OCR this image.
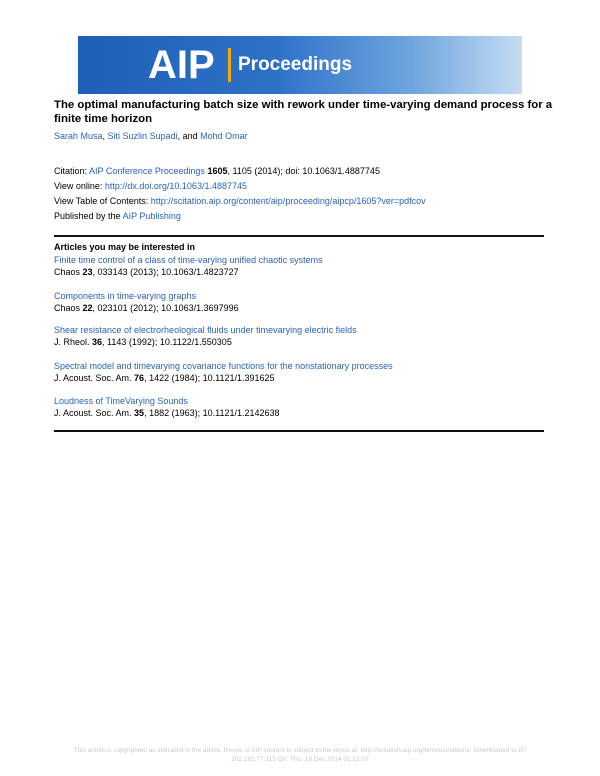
AIP Proceedings
The optimal manufacturing batch size with rework under time-varying demand process for a finite time horizon
Sarah Musa, Siti Suzlin Supadi, and Mohd Omar
Citation: AIP Conference Proceedings 1605, 1105 (2014); doi: 10.1063/1.4887745
View online: http://dx.doi.org/10.1063/1.4887745
View Table of Contents: http://scitation.aip.org/content/aip/proceeding/aipcp/1605?ver=pdfcov
Published by the AIP Publishing
Articles you may be interested in
Finite time control of a class of time-varying unified chaotic systems
Chaos 23, 033143 (2013); 10.1063/1.4823727
Components in time-varying graphs
Chaos 22, 023101 (2012); 10.1063/1.3697996
Shear resistance of electrorheological fluids under timevarying electric fields
J. Rheol. 36, 1143 (1992); 10.1122/1.550305
Spectral model and timevarying covariance functions for the nonstationary processes
J. Acoust. Soc. Am. 76, 1422 (1984); 10.1121/1.391625
Loudness of TimeVarying Sounds
J. Acoust. Soc. Am. 35, 1882 (1963); 10.1121/1.2142638
This article is copyrighted as indicated in the article. Reuse of AIP content is subject to the terms at: http://scitation.aip.org/termsconditions. Downloaded to IP:
202.185.77.115 On: Thu, 18 Dec 2014 01:52:07
